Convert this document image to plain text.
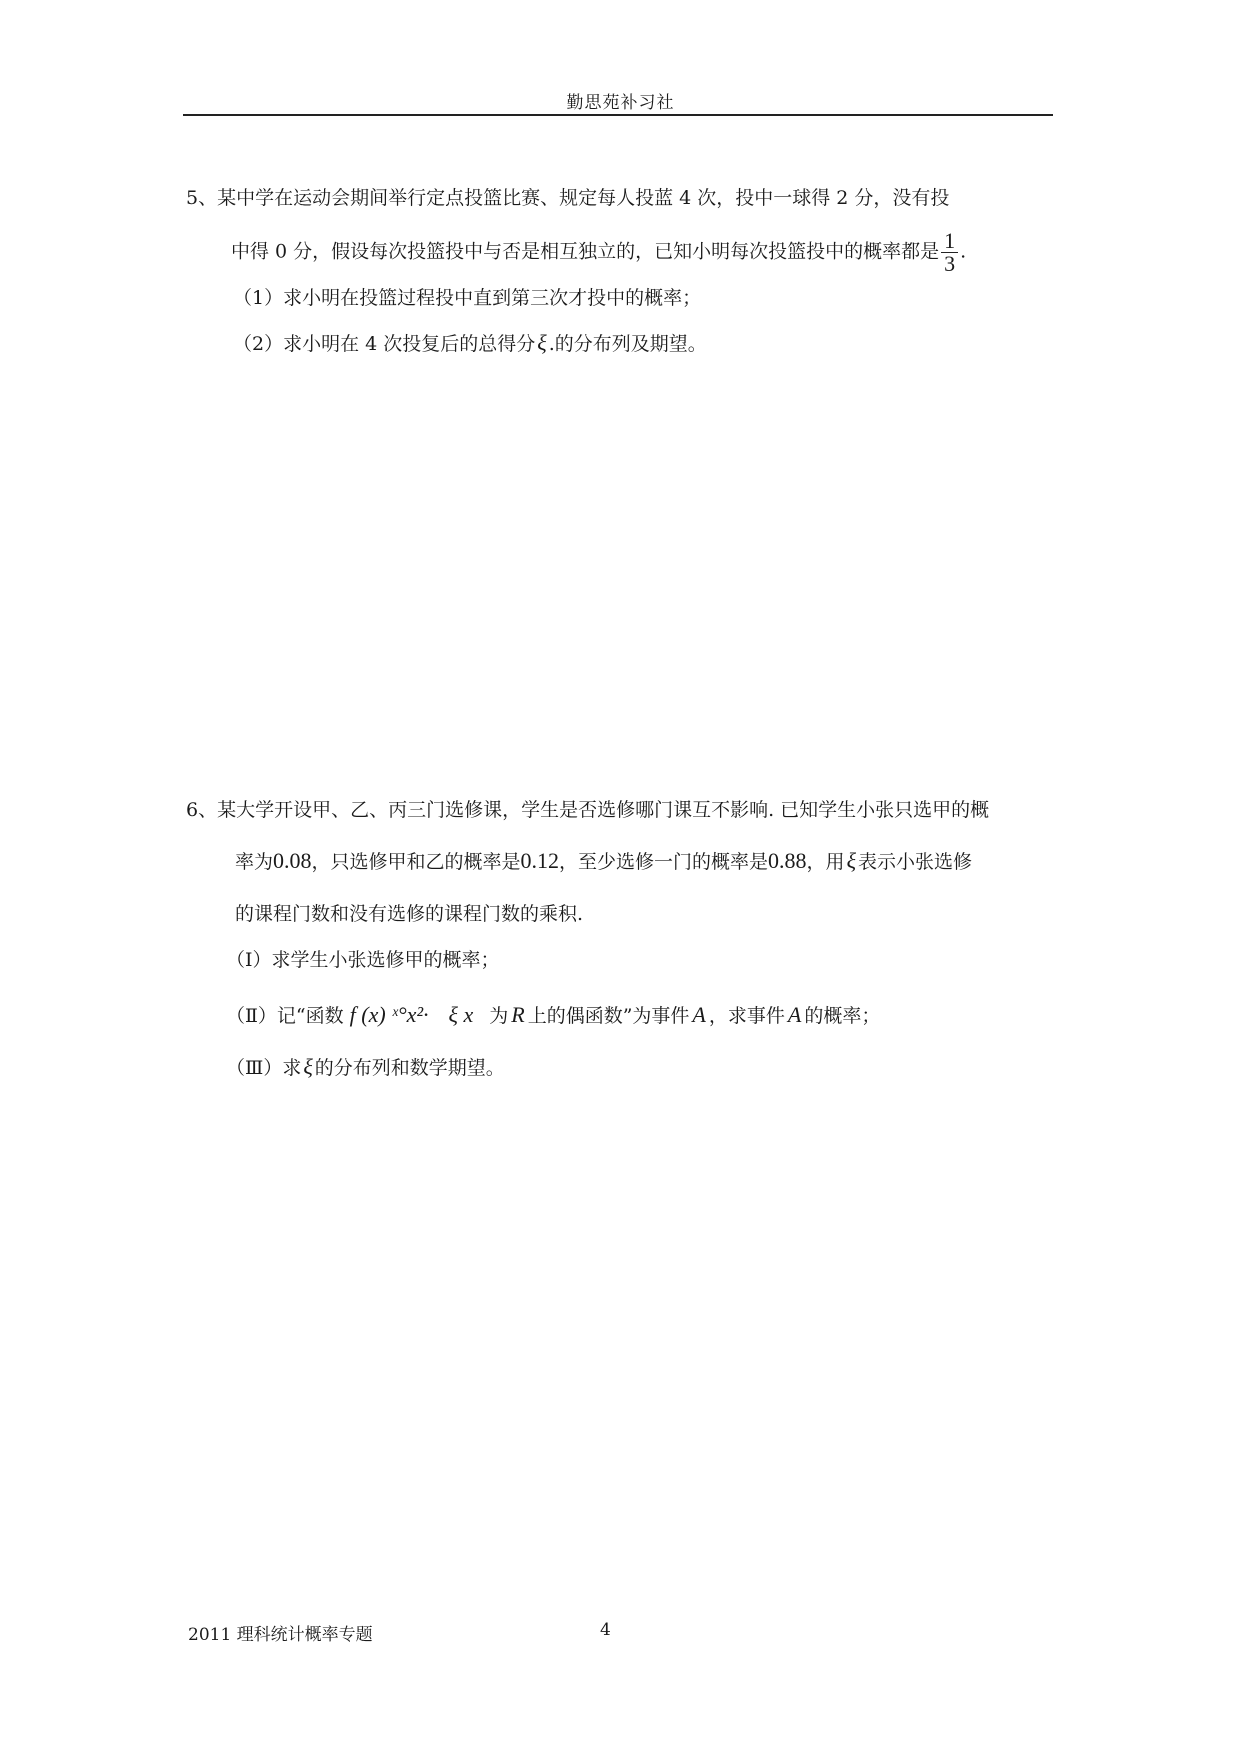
勤思苑补习社
5、某中学在运动会期间举行定点投篮比赛、规定每人投蓝 4 次，投中一球得 2 分，没有投
中得 0 分，假设每次投篮投中与否是相互独立的，已知小明每次投篮投中的概率都是 $\frac{1}{3}$ .
（1）求小明在投篮过程投中直到第三次才投中的概率；
（2）求小明在 4 次投复后的总得分ξ .的分布列及期望。
6、某大学开设甲、乙、丙三门选修课，学生是否选修哪门课互不影响. 已知学生小张只选甲的概
率为0.08，只选修甲和乙的概率是0.12，至少选修一门的概率是0.88，用ξ 表示小张选修
的课程门数和没有选修的课程门数的乘积.
（Ⅰ）求学生小张选修甲的概率；
（Ⅱ）记“函数 f (x) ˣ°x²· ξ x 为 R 上的偶函数”为事件 A ，求事件 A 的概率；
（Ⅲ）求ξ 的分布列和数学期望。
2011 理科统计概率专题	4
